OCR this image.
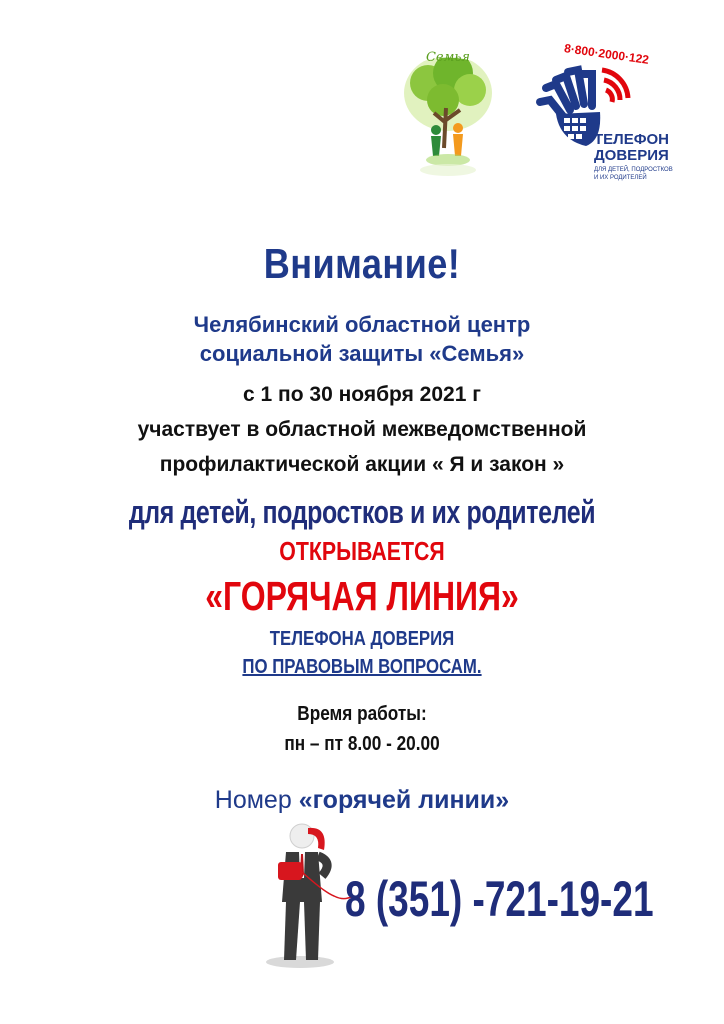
Семья	8·800·2000·122
ТЕЛЕФОН
ДОВЕРИЯ
ДЛЯ ДЕТЕЙ, ПОДРОСТКОВ
И ИХ РОДИТЕЛЕЙ
Внимание!
Челябинский областной центр
социальной защиты «Семья»
с 1 по 30 ноября 2021 г
участвует в областной межведомственной
профилактической акции « Я и закон »
для детей, подростков и их родителей
ОТКРЫВАЕТСЯ
«ГОРЯЧАЯ ЛИНИЯ»
ТЕЛЕФОНА ДОВЕРИЯ
ПО ПРАВОВЫМ ВОПРОСАМ.
Время работы:
пн – пт 8.00 - 20.00
Номер «горячей линии»
8 (351) -721-19-21
